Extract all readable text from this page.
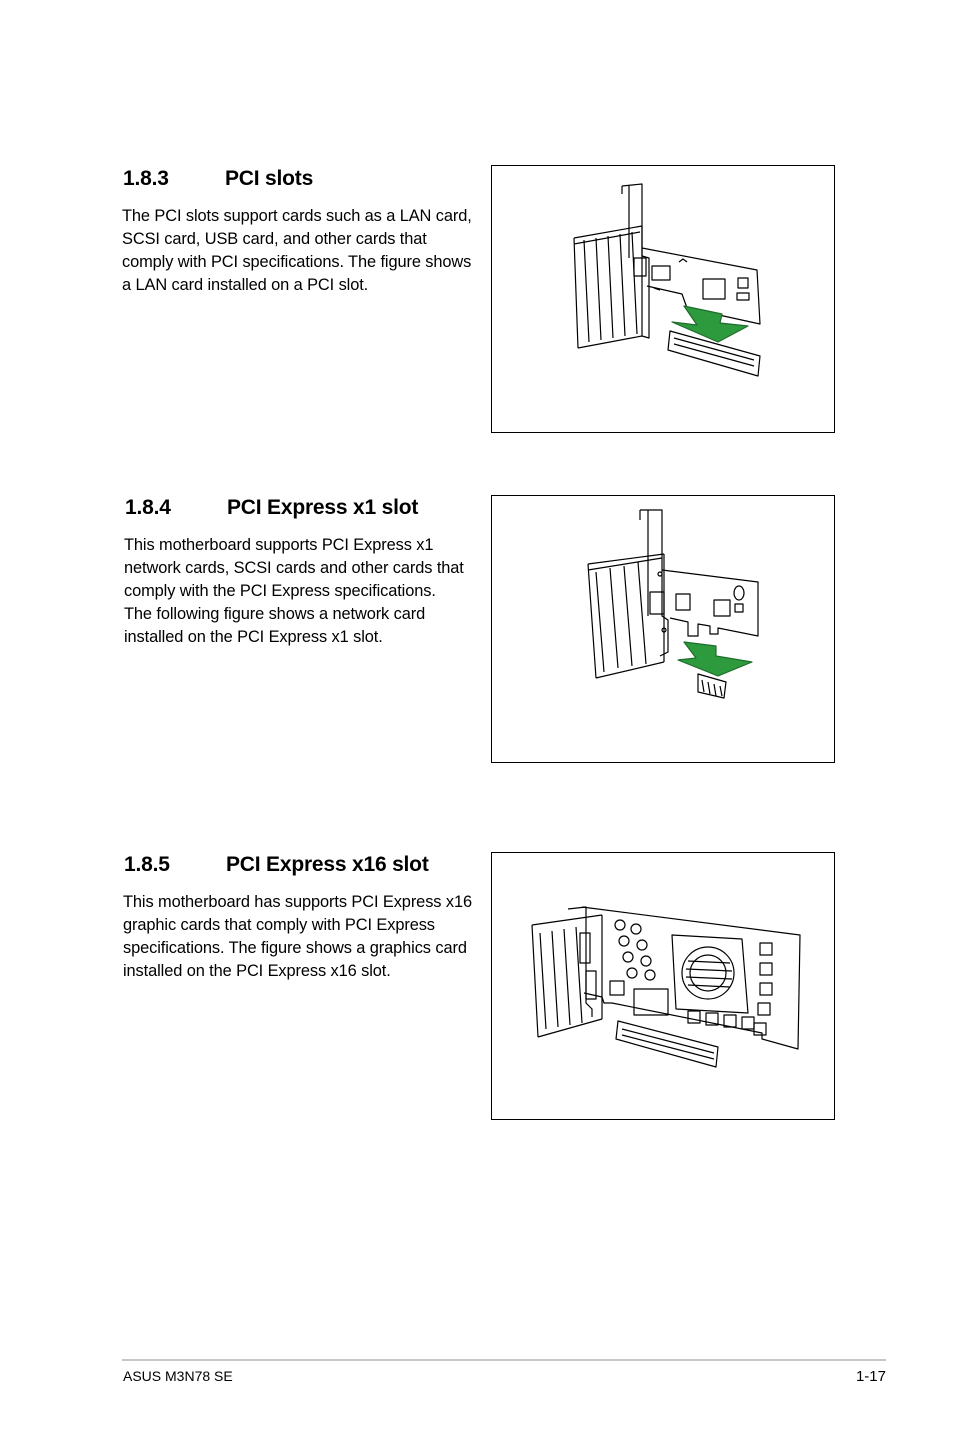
1.8.3	PCI slots

The PCI slots support cards such as a LAN card, SCSI card, USB card, and other cards that comply with PCI specifications. The figure shows a LAN card installed on a PCI slot.

1.8.4	PCI Express x1 slot

This motherboard supports PCI Express x1 network cards, SCSI cards and other cards that comply with the PCI Express specifications. The following figure shows a network card installed on the PCI Express x1 slot.

1.8.5	PCI Express x16 slot

This motherboard has supports PCI Express x16 graphic cards that comply with PCI Express specifications. The figure shows a graphics card installed on the PCI Express x16 slot.

ASUS M3N78 SE	1-17
